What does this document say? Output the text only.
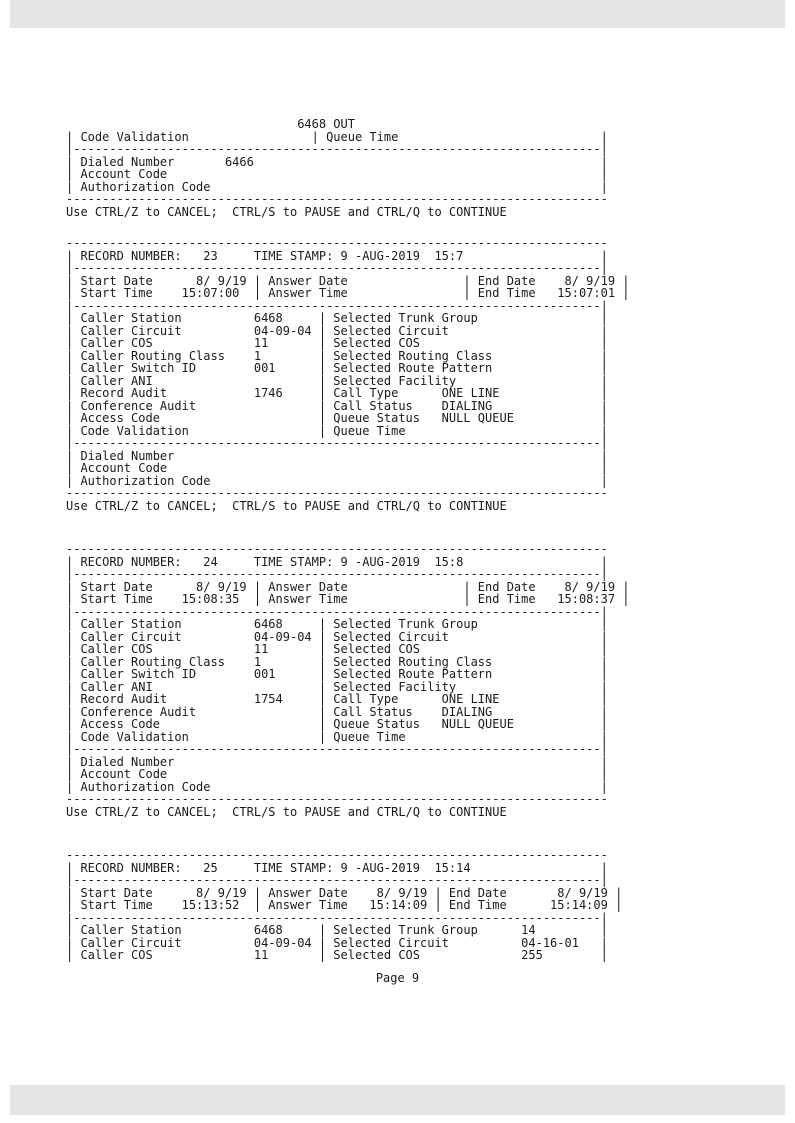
6468 OUT
| Code Validation                 | Queue Time                            |
|-------------------------------------------------------------------------|
| Dialed Number       6466                                                |
| Account Code                                                            |
| Authorization Code                                                      |
---------------------------------------------------------------------------
Use CTRL/Z to CANCEL;  CTRL/S to PAUSE and CTRL/Q to CONTINUE
---------------------------------------------------------------------------
| RECORD NUMBER:   23     TIME STAMP: 9 -AUG-2019  15:7                   |
|-------------------------------------------------------------------------|
| Start Date      8/ 9/19 | Answer Date                | End Date    8/ 9/19 |
| Start Time    15:07:00  | Answer Time                | End Time   15:07:01 |
|-------------------------------------------------------------------------|
| Caller Station          6468     | Selected Trunk Group                 |
| Caller Circuit          04-09-04 | Selected Circuit                     |
| Caller COS              11       | Selected COS                         |
| Caller Routing Class    1        | Selected Routing Class               |
| Caller Switch ID        001      | Selected Route Pattern               |
| Caller ANI                       | Selected Facility                    |
| Record Audit            1746     | Call Type      ONE LINE              |
| Conference Audit                 | Call Status    DIALING               |
| Access Code                      | Queue Status   NULL QUEUE            |
| Code Validation                  | Queue Time                           |
|-------------------------------------------------------------------------|
| Dialed Number                                                           |
| Account Code                                                            |
| Authorization Code                                                      |
---------------------------------------------------------------------------
Use CTRL/Z to CANCEL;  CTRL/S to PAUSE and CTRL/Q to CONTINUE
---------------------------------------------------------------------------
| RECORD NUMBER:   24     TIME STAMP: 9 -AUG-2019  15:8                   |
|-------------------------------------------------------------------------|
| Start Date      8/ 9/19 | Answer Date                | End Date    8/ 9/19 |
| Start Time    15:08:35  | Answer Time                | End Time   15:08:37 |
|-------------------------------------------------------------------------|
| Caller Station          6468     | Selected Trunk Group                 |
| Caller Circuit          04-09-04 | Selected Circuit                     |
| Caller COS              11       | Selected COS                         |
| Caller Routing Class    1        | Selected Routing Class               |
| Caller Switch ID        001      | Selected Route Pattern               |
| Caller ANI                       | Selected Facility                    |
| Record Audit            1754     | Call Type      ONE LINE              |
| Conference Audit                 | Call Status    DIALING               |
| Access Code                      | Queue Status   NULL QUEUE            |
| Code Validation                  | Queue Time                           |
|-------------------------------------------------------------------------|
| Dialed Number                                                           |
| Account Code                                                            |
| Authorization Code                                                      |
---------------------------------------------------------------------------
Use CTRL/Z to CANCEL;  CTRL/S to PAUSE and CTRL/Q to CONTINUE
---------------------------------------------------------------------------
| RECORD NUMBER:   25     TIME STAMP: 9 -AUG-2019  15:14                  |
|-------------------------------------------------------------------------|
| Start Date      8/ 9/19 | Answer Date    8/ 9/19 | End Date       8/ 9/19 |
| Start Time    15:13:52  | Answer Time   15:14:09 | End Time      15:14:09 |
|-------------------------------------------------------------------------|
| Caller Station          6468     | Selected Trunk Group      14         |
| Caller Circuit          04-09-04 | Selected Circuit          04-16-01   |
| Caller COS              11       | Selected COS              255        |
Page 9
